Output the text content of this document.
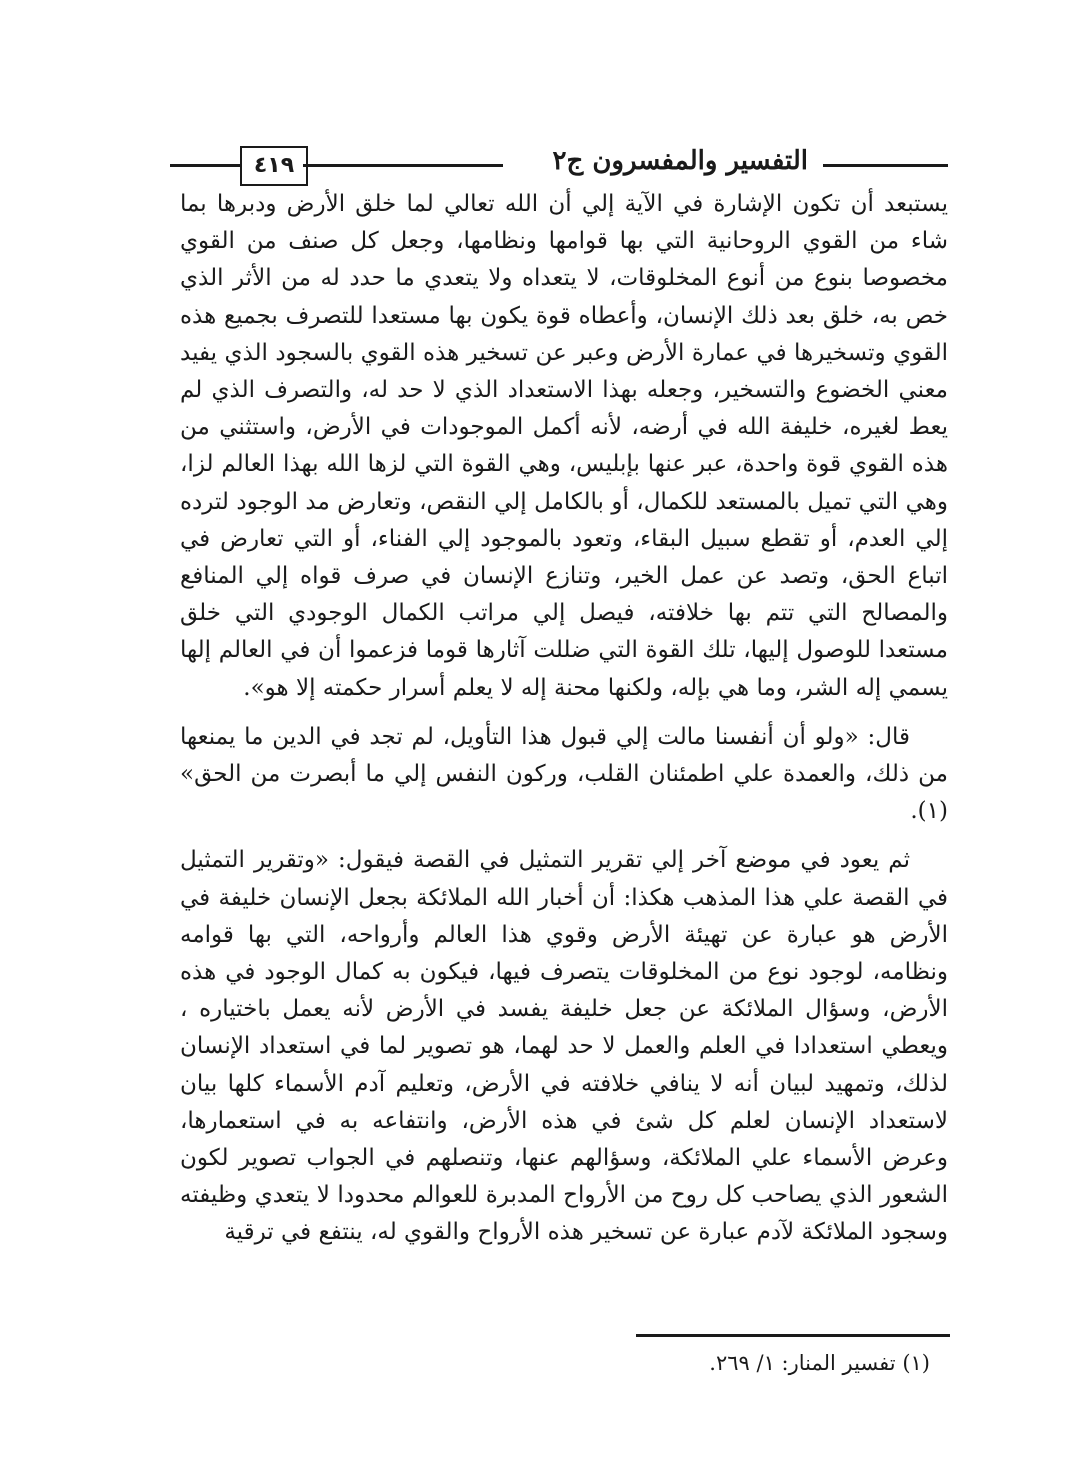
التفسير والمفسرون ج٢
٤١٩

يستبعد أن تكون الإشارة في الآية إلي أن الله تعالي لما خلق الأرض ودبرها بما شاء من القوي الروحانية التي بها قوامها ونظامها، وجعل كل صنف من القوي مخصوصا بنوع من أنوع المخلوقات، لا يتعداه ولا يتعدي ما حدد له من الأثر الذي خص به، خلق بعد ذلك الإنسان، وأعطاه قوة يكون بها مستعدا للتصرف بجميع هذه القوي وتسخيرها في عمارة الأرض وعبر عن تسخير هذه القوي بالسجود الذي يفيد معني الخضوع والتسخير، وجعله بهذا الاستعداد الذي لا حد له، والتصرف الذي لم يعط لغيره، خليفة الله في أرضه، لأنه أكمل الموجودات في الأرض، واستثني من هذه القوي قوة واحدة، عبر عنها بإبليس، وهي القوة التي لزها الله بهذا العالم لزا، وهي التي تميل بالمستعد للكمال، أو بالكامل إلي النقص، وتعارض مد الوجود لترده إلي العدم، أو تقطع سبيل البقاء، وتعود بالموجود إلي الفناء، أو التي تعارض في اتباع الحق، وتصد عن عمل الخير، وتنازع الإنسان في صرف قواه إلي المنافع والمصالح التي تتم بها خلافته، فيصل إلي مراتب الكمال الوجودي التي خلق مستعدا للوصول إليها، تلك القوة التي ضللت آثارها قوما فزعموا أن في العالم إلها يسمي إله الشر، وما هي بإله، ولكنها محنة إله لا يعلم أسرار حكمته إلا هو».

قال: «ولو أن أنفسنا مالت إلي قبول هذا التأويل، لم تجد في الدين ما يمنعها من ذلك، والعمدة علي اطمئنان القلب، وركون النفس إلي ما أبصرت من الحق» (١).

ثم يعود في موضع آخر إلي تقرير التمثيل في القصة فيقول: «وتقرير التمثيل في القصة علي هذا المذهب هكذا: أن أخبار الله الملائكة بجعل الإنسان خليفة في الأرض هو عبارة عن تهيئة الأرض وقوي هذا العالم وأرواحه، التي بها قوامه ونظامه، لوجود نوع من المخلوقات يتصرف فيها، فيكون به كمال الوجود في هذه الأرض، وسؤال الملائكة عن جعل خليفة يفسد في الأرض لأنه يعمل باختياره ، ويعطي استعدادا في العلم والعمل لا حد لهما، هو تصوير لما في استعداد الإنسان لذلك، وتمهيد لبيان أنه لا ينافي خلافته في الأرض، وتعليم آدم الأسماء كلها بيان لاستعداد الإنسان لعلم كل شئ في هذه الأرض، وانتفاعه به في استعمارها، وعرض الأسماء علي الملائكة، وسؤالهم عنها، وتنصلهم في الجواب تصوير لكون الشعور الذي يصاحب كل روح من الأرواح المدبرة للعوالم محدودا لا يتعدي وظيفته وسجود الملائكة لآدم عبارة عن تسخير هذه الأرواح والقوي له، ينتفع في ترقية

(١) تفسير المنار: ١/ ٢٦٩.
